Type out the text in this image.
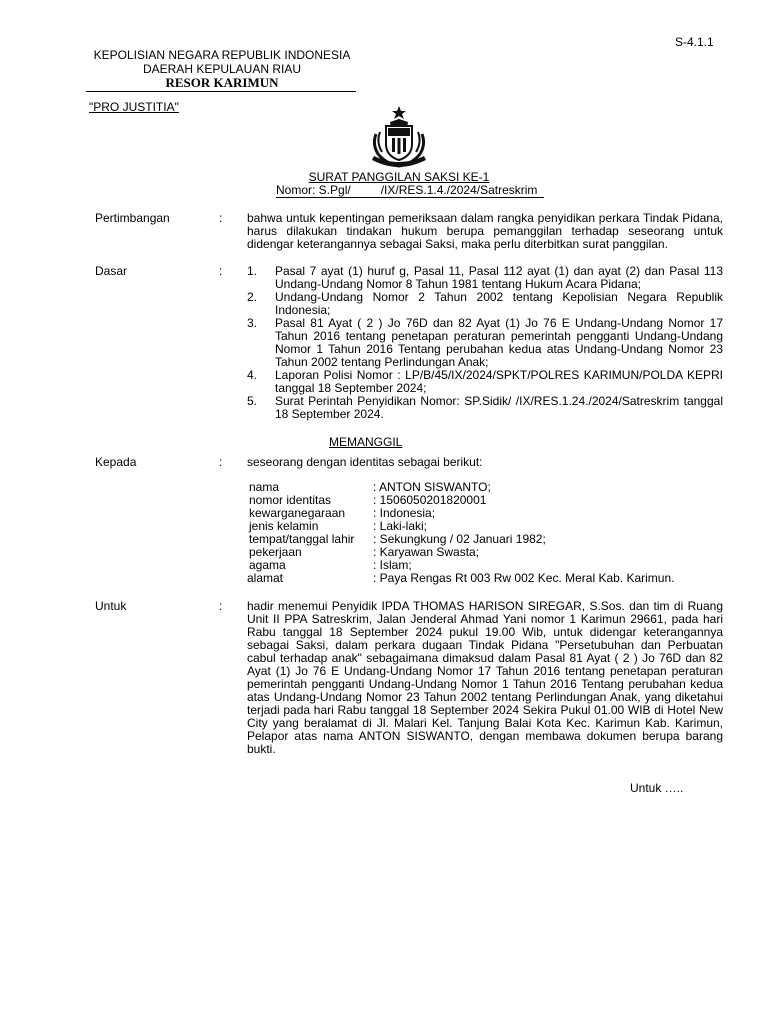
S-4.1.1
KEPOLISIAN NEGARA REPUBLIK INDONESIA
DAERAH KEPULAUAN RIAU
RESOR KARIMUN
"PRO JUSTITIA"
SURAT PANGGILAN SAKSI KE-1
Nomor: S.Pgl/         /IX/RES.1.4./2024/Satreskrim
Pertimbangan	: bahwa untuk kepentingan pemeriksaan dalam rangka penyidikan perkara Tindak Pidana, harus dilakukan tindakan hukum berupa pemanggilan terhadap seseorang untuk didengar keterangannya sebagai Saksi, maka perlu diterbitkan surat panggilan.
Dasar	: 1. Pasal 7 ayat (1) huruf g, Pasal 11, Pasal 112 ayat (1) dan ayat (2) dan Pasal 113 Undang-Undang Nomor 8 Tahun 1981 tentang Hukum Acara Pidana;
2. Undang-Undang Nomor 2 Tahun 2002 tentang Kepolisian Negara Republik Indonesia;
3. Pasal 81 Ayat ( 2 ) Jo 76D dan 82 Ayat (1) Jo 76 E Undang-Undang Nomor 17 Tahun 2016 tentang penetapan peraturan pemerintah pengganti Undang-Undang Nomor 1 Tahun 2016 Tentang perubahan kedua atas Undang-Undang Nomor 23 Tahun 2002 tentang Perlindungan Anak;
4. Laporan Polisi Nomor : LP/B/45/IX/2024/SPKT/POLRES KARIMUN/POLDA KEPRI tanggal 18 September 2024;
5. Surat Perintah Penyidikan Nomor: SP.Sidik/ /IX/RES.1.24./2024/Satreskrim tanggal 18 September 2024.
MEMANGGIL
Kepada	: seseorang dengan identitas sebagai berikut:
nama	: ANTON SISWANTO;
nomor identitas	: 1506050201820001
kewarganegaraan : Indonesia;
jenis kelamin	: Laki-laki;
tempat/tanggal lahir : Sekungkung / 02 Januari 1982;
pekerjaan	: Karyawan Swasta;
agama	: Islam;
alamat	: Paya Rengas Rt 003 Rw 002 Kec. Meral Kab. Karimun.
Untuk	: hadir menemui Penyidik IPDA THOMAS HARISON SIREGAR, S.Sos. dan tim di Ruang Unit II PPA Satreskrim, Jalan Jenderal Ahmad Yani nomor 1 Karimun 29661, pada hari Rabu tanggal 18 September 2024 pukul 19.00 Wib, untuk didengar keterangannya sebagai Saksi, dalam perkara dugaan Tindak Pidana "Persetubuhan dan Perbuatan cabul terhadap anak" sebagaimana dimaksud dalam Pasal 81 Ayat ( 2 ) Jo 76D dan 82 Ayat (1) Jo 76 E Undang-Undang Nomor 17 Tahun 2016 tentang penetapan peraturan pemerintah pengganti Undang-Undang Nomor 1 Tahun 2016 Tentang perubahan kedua atas Undang-Undang Nomor 23 Tahun 2002 tentang Perlindungan Anak, yang diketahui terjadi pada hari Rabu tanggal 18 September 2024 Sekira Pukul 01.00 WIB di Hotel New City yang beralamat di Jl. Malari Kel. Tanjung Balai Kota Kec. Karimun Kab. Karimun, Pelapor atas nama ANTON SISWANTO, dengan membawa dokumen berupa barang bukti.
Untuk …..
